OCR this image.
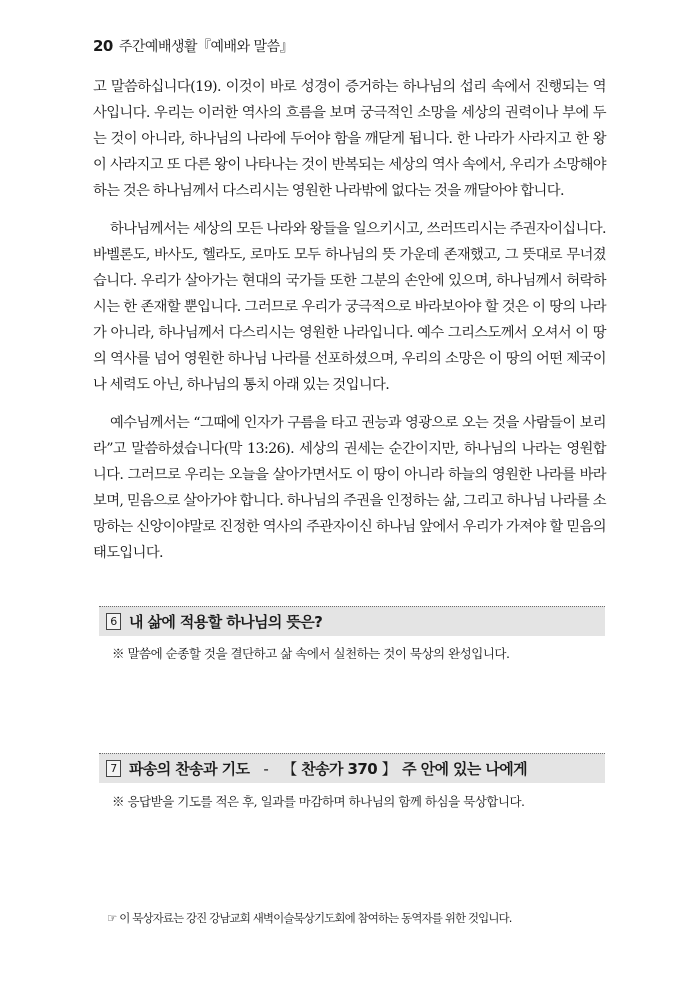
20 주간예배생활『예배와 말씀』

고 말씀하십니다(19). 이것이 바로 성경이 증거하는 하나님의 섭리 속에서 진행되는 역사입니다. 우리는 이러한 역사의 흐름을 보며 궁극적인 소망을 세상의 권력이나 부에 두는 것이 아니라, 하나님의 나라에 두어야 함을 깨닫게 됩니다. 한 나라가 사라지고 한 왕이 사라지고 또 다른 왕이 나타나는 것이 반복되는 세상의 역사 속에서, 우리가 소망해야 하는 것은 하나님께서 다스리시는 영원한 나라밖에 없다는 것을 깨달아야 합니다.

하나님께서는 세상의 모든 나라와 왕들을 일으키시고, 쓰러뜨리시는 주권자이십니다. 바벨론도, 바사도, 헬라도, 로마도 모두 하나님의 뜻 가운데 존재했고, 그 뜻대로 무너졌습니다. 우리가 살아가는 현대의 국가들 또한 그분의 손안에 있으며, 하나님께서 허락하시는 한 존재할 뿐입니다. 그러므로 우리가 궁극적으로 바라보아야 할 것은 이 땅의 나라가 아니라, 하나님께서 다스리시는 영원한 나라입니다. 예수 그리스도께서 오셔서 이 땅의 역사를 넘어 영원한 하나님 나라를 선포하셨으며, 우리의 소망은 이 땅의 어떤 제국이나 세력도 아닌, 하나님의 통치 아래 있는 것입니다.

예수님께서는 “그때에 인자가 구름을 타고 권능과 영광으로 오는 것을 사람들이 보리라”고 말씀하셨습니다(막 13:26). 세상의 권세는 순간이지만, 하나님의 나라는 영원합니다. 그러므로 우리는 오늘을 살아가면서도 이 땅이 아니라 하늘의 영원한 나라를 바라보며, 믿음으로 살아가야 합니다. 하나님의 주권을 인정하는 삶, 그리고 하나님 나라를 소망하는 신앙이야말로 진정한 역사의 주관자이신 하나님 앞에서 우리가 가져야 할 믿음의 태도입니다.

6 내 삶에 적용할 하나님의 뜻은?
※ 말씀에 순종할 것을 결단하고 삶 속에서 실천하는 것이 묵상의 완성입니다.
7 파송의 찬송과 기도 - 【 찬송가 370 】 주 안에 있는 나에게
※ 응답받을 기도를 적은 후, 일과를 마감하며 하나님의 함께 하심을 묵상합니다.
☞ 이 묵상자료는 강진 강남교회 새벽이슬묵상기도회에 참여하는 동역자를 위한 것입니다.
